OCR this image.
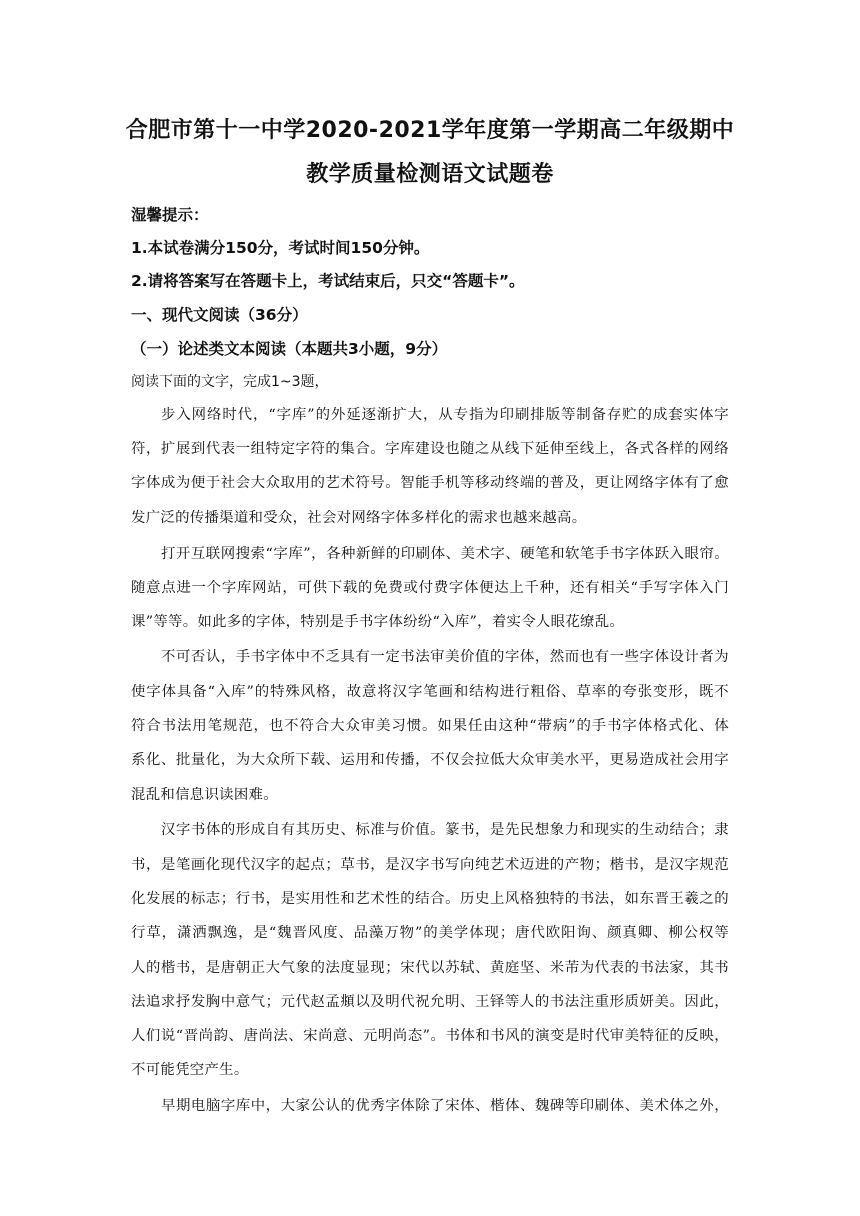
合肥市第十一中学2020-2021学年度第一学期高二年级期中
教学质量检测语文试题卷
湿馨提示：
1.本试卷满分150分，考试时间150分钟。
2.请将答案写在答题卡上，考试结束后，只交“答题卡”。
一、现代文阅读（36分）
（一）论述类文本阅读（本题共3小题，9分）
阅读下面的文字，完成1~3题，
步入网络时代，“字库”的外延逐渐扩大，从专指为印刷排版等制备存贮的成套实体字
符，扩展到代表一组特定字符的集合。字库建设也随之从线下延伸至线上，各式各样的网络
字体成为便于社会大众取用的艺术符号。智能手机等移动终端的普及，更让网络字体有了愈
发广泛的传播渠道和受众，社会对网络字体多样化的需求也越来越高。
打开互联网搜索“字库”，各种新鲜的印刷体、美术字、硬笔和软笔手书字体跃入眼帘。
随意点进一个字库网站，可供下载的免费或付费字体便达上千种，还有相关“手写字体入门
课”等等。如此多的字体，特别是手书字体纷纷“入库”，着实令人眼花缭乱。
不可否认，手书字体中不乏具有一定书法审美价值的字体，然而也有一些字体设计者为
使字体具备“入库”的特殊风格，故意将汉字笔画和结构进行粗俗、草率的夸张变形，既不
符合书法用笔规范，也不符合大众审美习惯。如果任由这种“带病”的手书字体格式化、体
系化、批量化，为大众所下载、运用和传播，不仅会拉低大众审美水平，更易造成社会用字
混乱和信息识读困难。
汉字书体的形成自有其历史、标准与价值。篆书，是先民想象力和现实的生动结合；隶
书，是笔画化现代汉字的起点；草书，是汉字书写向纯艺术迈进的产物；楷书，是汉字规范
化发展的标志；行书，是实用性和艺术性的结合。历史上风格独特的书法，如东晋王羲之的
行草，潇洒飘逸，是“魏晋风度、品藻万物”的美学体现；唐代欧阳询、颜真卿、柳公权等
人的楷书，是唐朝正大气象的法度显现；宋代以苏轼、黄庭坚、米芾为代表的书法家，其书
法追求抒发胸中意气；元代赵孟頫以及明代祝允明、王铎等人的书法注重形质妍美。因此，
人们说“晋尚韵、唐尚法、宋尚意、元明尚态”。书体和书风的演变是时代审美特征的反映，
不可能凭空产生。
早期电脑字库中，大家公认的优秀字体除了宋体、楷体、魏碑等印刷体、美术体之外，
